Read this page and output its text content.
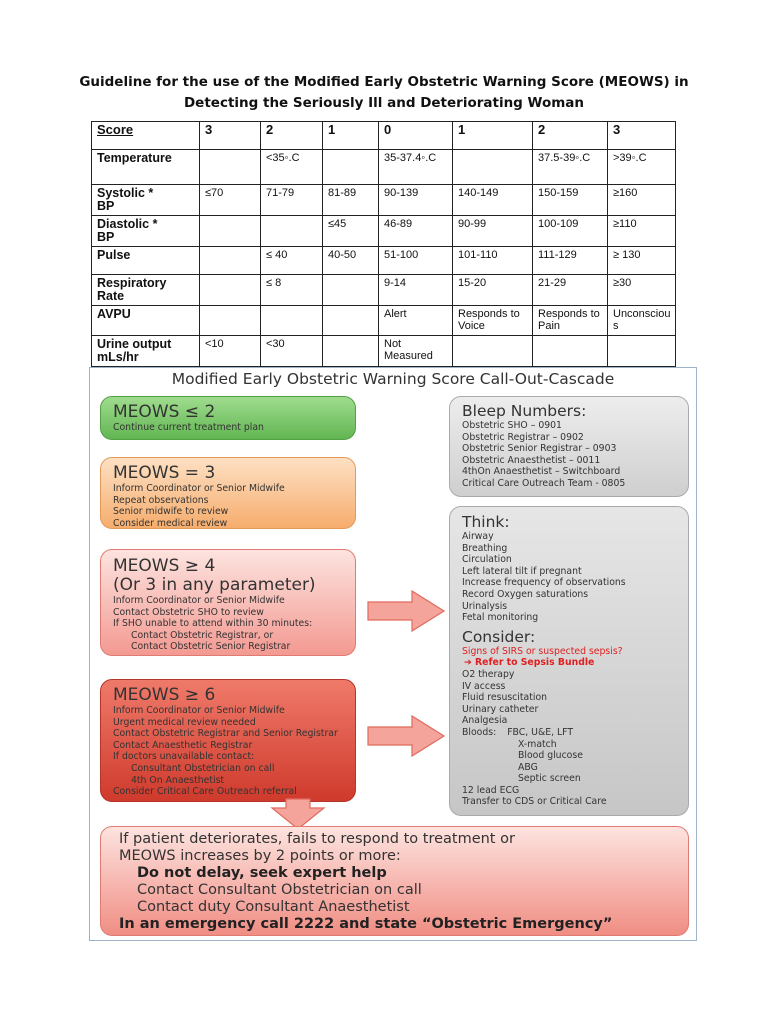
Guideline for the use of the Modified Early Obstetric Warning Score (MEOWS) in
Detecting the Seriously Ill and Deteriorating Woman
Score	3	2	1	0	1	2	3

Temperature		<35◦.C		35-37.4◦.C		37.5-39◦.C	>39◦.C

Systolic *
BP	≤70	71-79	81-89	90-139	140-149	150-159	≥160

Diastolic *
BP			≤45	46-89	90-99	100-109	≥110

Pulse		≤ 40	40-50	51-100	101-110	111-129	≥ 130

Respiratory
Rate		≤ 8		9-14	15-20	21-29	≥30

AVPU				Alert	Responds to Voice	Responds to Pain	Unconsciou s

Urine output
mLs/hr	<10	<30		Not Measured			
Modified Early Obstetric Warning Score Call-Out-Cascade
MEOWS ≤ 2
Continue current treatment plan
MEOWS = 3
Inform Coordinator or Senior Midwife
Repeat observations
Senior midwife to review
Consider medical review
MEOWS ≥ 4
(Or 3 in any parameter)
Inform Coordinator or Senior Midwife
Contact Obstetric SHO to review
If SHO unable to attend within 30 minutes:
Contact Obstetric Registrar, or
Contact Obstetric Senior Registrar
MEOWS ≥ 6
Inform Coordinator or Senior Midwife
Urgent medical review needed
Contact Obstetric Registrar and Senior Registrar
Contact Anaesthetic Registrar
If doctors unavailable contact:
Consultant Obstetrician on call
4th On Anaesthetist
Consider Critical Care Outreach referral
Bleep Numbers:
Obstetric SHO – 0901
Obstetric Registrar – 0902
Obstetric Senior Registrar – 0903
Obstetric Anaesthetist – 0011
4thOn Anaesthetist – Switchboard
Critical Care Outreach Team - 0805
Think:
Airway
Breathing
Circulation
Left lateral tilt if pregnant
Increase frequency of observations
Record Oxygen saturations
Urinalysis
Fetal monitoring
Consider:
Signs of SIRS or suspected sepsis?
➔ Refer to Sepsis Bundle
O2 therapy
IV access
Fluid resuscitation
Urinary catheter
Analgesia
Bloods: FBC, U&E, LFT
X-match
Blood glucose
ABG
Septic screen
12 lead ECG
Transfer to CDS or Critical Care
If patient deteriorates, fails to respond to treatment or
MEOWS increases by 2 points or more:
Do not delay, seek expert help
Contact Consultant Obstetrician on call
Contact duty Consultant Anaesthetist
In an emergency call 2222 and state “Obstetric Emergency”
